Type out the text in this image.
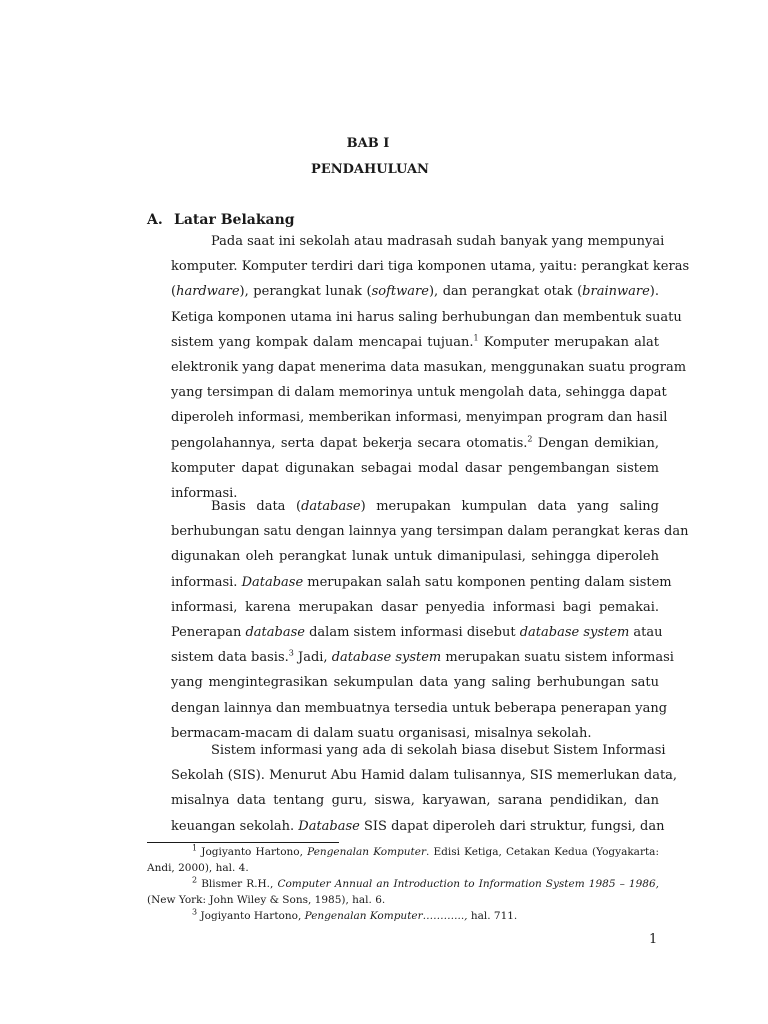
BAB I
PENDAHULUAN
A. Latar Belakang
Pada saat ini sekolah atau madrasah sudah banyak yang mempunyai
komputer. Komputer terdiri dari tiga komponen utama, yaitu: perangkat keras
(hardware), perangkat lunak (software), dan perangkat otak (brainware).
Ketiga komponen utama ini harus saling berhubungan dan membentuk suatu
sistem yang kompak dalam mencapai tujuan.$^1$ Komputer merupakan alat
elektronik yang dapat menerima data masukan, menggunakan suatu program
yang tersimpan di dalam memorinya untuk mengolah data, sehingga dapat
diperoleh informasi, memberikan informasi, menyimpan program dan hasil
pengolahannya, serta dapat bekerja secara otomatis.$^2$ Dengan demikian,
komputer dapat digunakan sebagai modal dasar pengembangan sistem
informasi.
Basis data (database) merupakan kumpulan data yang saling
berhubungan satu dengan lainnya yang tersimpan dalam perangkat keras dan
digunakan oleh perangkat lunak untuk dimanipulasi, sehingga diperoleh
informasi. Database merupakan salah satu komponen penting dalam sistem
informasi, karena merupakan dasar penyedia informasi bagi pemakai.
Penerapan database dalam sistem informasi disebut database system atau
sistem data basis.$^3$ Jadi, database system merupakan suatu sistem informasi
yang mengintegrasikan sekumpulan data yang saling berhubungan satu
dengan lainnya dan membuatnya tersedia untuk beberapa penerapan yang
bermacam-macam di dalam suatu organisasi, misalnya sekolah.
Sistem informasi yang ada di sekolah biasa disebut Sistem Informasi
Sekolah (SIS). Menurut Abu Hamid dalam tulisannya, SIS memerlukan data,
misalnya data tentang guru, siswa, karyawan, sarana pendidikan, dan
keuangan sekolah. Database SIS dapat diperoleh dari struktur, fungsi, dan
$^1$ Jogiyanto Hartono, Pengenalan Komputer. Edisi Ketiga, Cetakan Kedua (Yogyakarta:
Andi, 2000), hal. 4.
$^2$ Blismer R.H., Computer Annual an Introduction to Information System 1985 – 1986,
(New York: John Wiley & Sons, 1985), hal. 6.
$^3$ Jogiyanto Hartono, Pengenalan Komputer………..., hal. 711.
1
